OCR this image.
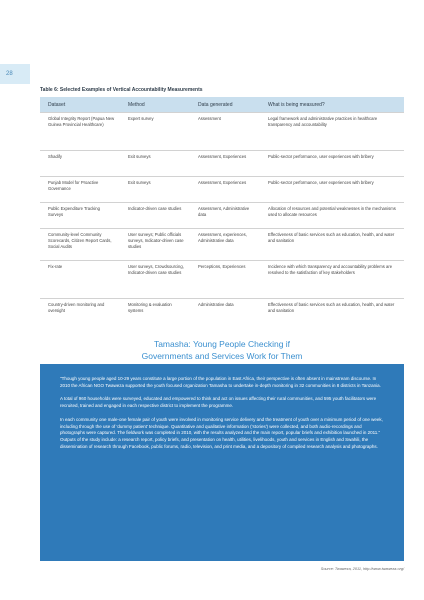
28
Table 6: Selected Examples of Vertical Accountability Measurements
Dataset	Method	Data generated	What is being measured?
Global Integrity Report (Papua New Guinea Provincial Healthcare)	Expert survey	Assessment	Legal framework and administrative practices in healthcare transparency and accountability
Shadify	Exit surveys	Assessment, Experiences	Public-sector performance, user experiences with bribery
Punjab Model for Proactive Governance	Exit surveys	Assessment, Experiences	Public-sector performance, user experiences with bribery
Public Expenditure Tracking Surveys	Indicator-driven case studies	Assessment, Administrative data	Allocation of resources and potential weaknesses in the mechanisms used to allocate resources
Community-level Community Scorecards, Citizen Report Cards, Social Audits	User surveys; Public officials surveys, Indicator-driven case studies	Assessment, experiences, Administrative data	Effectiveness of basic services such as education, health, and water and sanitation
Fix-rate	User surveys, Crowdsourcing, Indicator-driven case studies	Perceptions, Experiences	Incidence with which transparency and accountability problems are resolved to the satisfaction of key stakeholders
Country-driven monitoring and oversight	Monitoring & evaluation systems	Administrative data	Effectiveness of basic services such as education, health, and water and sanitation
Tamasha: Young People Checking if
Governments and Services Work for Them

"Though young people aged 10-29 years constitute a large portion of the population in East Africa, their perspective is often absent in mainstream discourse. In 2010 the African NGO Twaweza supported the youth focused organization Tamasha to undertake in-depth monitoring in 32 communities in 8 districts in Tanzania.

A total of 960 households were surveyed, educated and empowered to think and act on issues affecting their rural communities, and 595 youth facilitators were recruited, trained and engaged in each respective district to implement the programme.

In each community one male-one female pair of youth were involved in monitoring service delivery and the treatment of youth over a minimum period of one week, including through the use of 'dummy patient' technique. Quantitative and qualitative information ('stories') were collected, and both audio-recordings and photographs were captured. The fieldwork was completed in 2010, with the results analyzed and the main report, popular briefs and exhibition launched in 2011." Outputs of the study include: a research report, policy briefs, and presentation on health, utilities, livelihoods, youth and services in English and Swahili, the dissemination of research through Facebook, public forums, radio, television, and print media, and a depository of compiled research analysis and photographs.

Source: Twaweza, 2011, http://www.twaweza.org/
